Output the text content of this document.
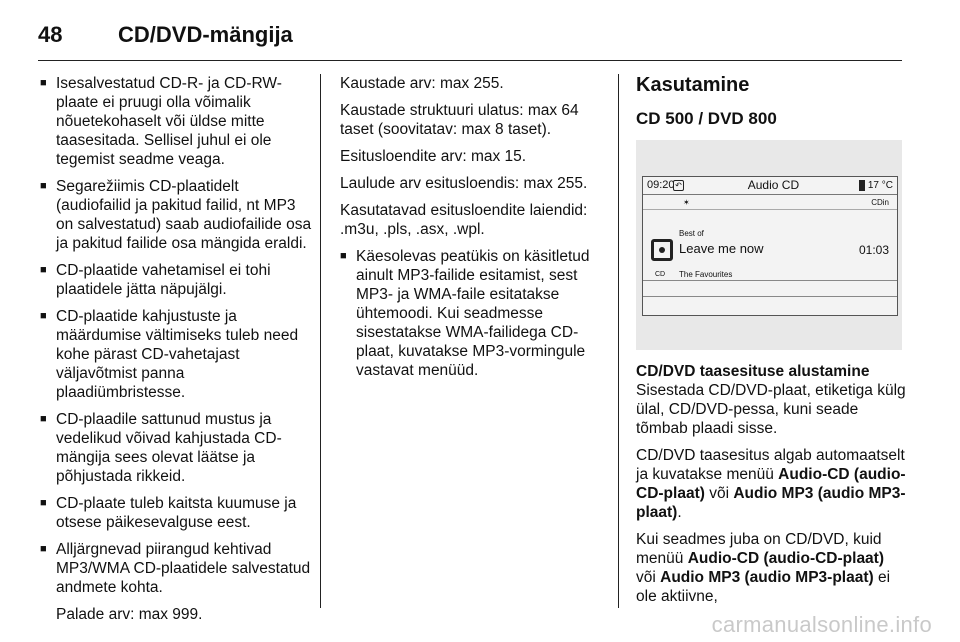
48	CD/DVD-mängija
■ Isesalvestatud CD-R- ja CD-RW-plaate ei pruugi olla võimalik nõuetekohaselt või üldse mitte taasesitada. Sellisel juhul ei ole tegemist seadme veaga.
■ Segarežiimis CD-plaatidelt (audiofailid ja pakitud failid, nt MP3 on salvestatud) saab audiofailide osa ja pakitud failide osa mängida eraldi.
■ CD-plaatide vahetamisel ei tohi plaatidele jätta näpujälgi.
■ CD-plaatide kahjustuste ja määrdumise vältimiseks tuleb need kohe pärast CD-vahetajast väljavõtmist panna plaadiümbristesse.
■ CD-plaadile sattunud mustus ja vedelikud võivad kahjustada CD-mängija sees olevat läätse ja põhjustada rikkeid.
■ CD-plaate tuleb kaitsta kuumuse ja otsese päikesevalguse eest.
■ Alljärgnevad piirangud kehtivad MP3/WMA CD-plaatidele salvestatud andmete kohta.

Palade arv: max 999.

Kaustade arv: max 255.

Kaustade struktuuri ulatus: max 64 taset (soovitatav: max 8 taset).

Esitusloendite arv: max 15.

Laulude arv esitusloendis: max 255.

Kasutatavad esitusloendite laiendid: .m3u, .pls, .asx, .wpl.

■ Käesolevas peatükis on käsitletud ainult MP3-failide esitamist, sest MP3- ja WMA-faile esitatakse ühtemoodi. Kui seadmesse sisestatakse WMA-failidega CD-plaat, kuvatakse MP3-vormingule vastavat menüüd.
Kasutamine
CD 500 / DVD 800
09:20 ↶	Audio CD	17 °C
✶	CDin
Best of
CD
Leave me now	01:03
The Favourites
CD/DVD taasesituse alustamine

Sisestada CD/DVD-plaat, etiketiga külg ülal, CD/DVD-pessa, kuni seade tõmbab plaadi sisse.

CD/DVD taasesitus algab automaatselt ja kuvatakse menüü Audio-CD (audio-CD-plaat) või Audio MP3 (audio MP3-plaat).

Kui seadmes juba on CD/DVD, kuid menüü Audio-CD (audio-CD-plaat) või Audio MP3 (audio MP3-plaat) ei ole aktiivne,

carmanualsonline.info
